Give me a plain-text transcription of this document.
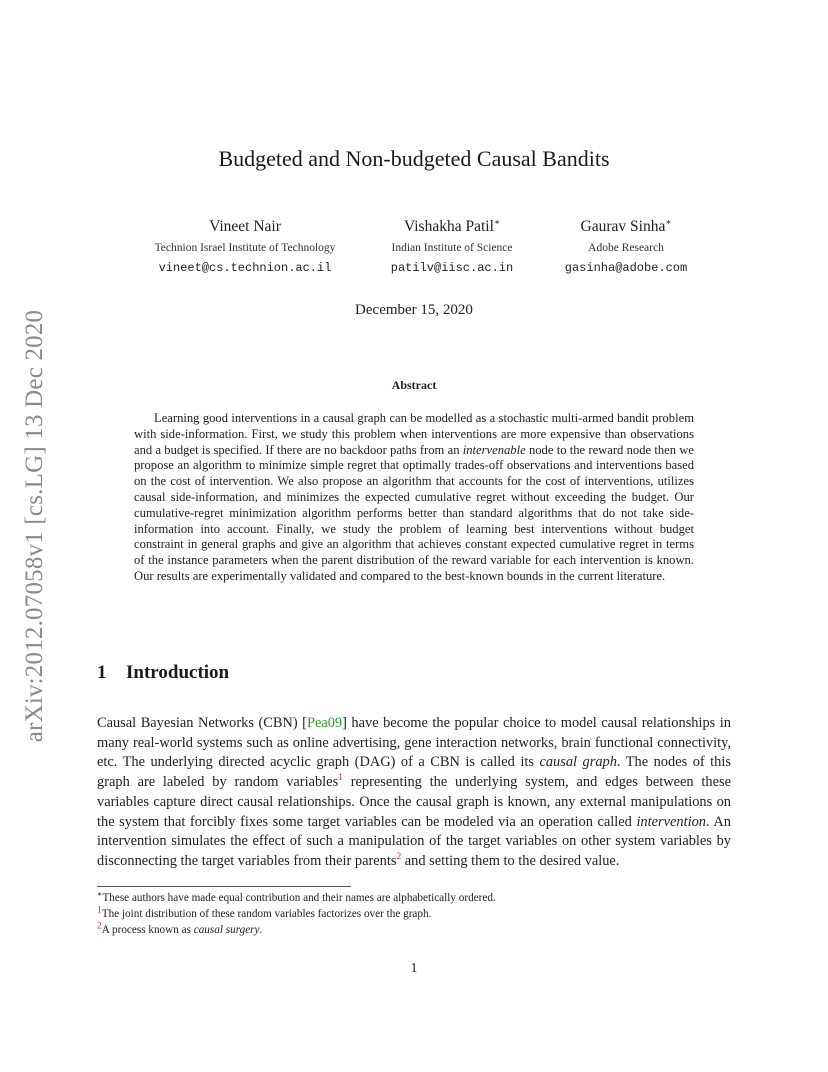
arXiv:2012.07058v1 [cs.LG] 13 Dec 2020
Budgeted and Non-budgeted Causal Bandits
Vineet Nair
Technion Israel Institute of Technology
vineet@cs.technion.ac.il
Vishakha Patil∗
Indian Institute of Science
patilv@iisc.ac.in
Gaurav Sinha∗
Adobe Research
gasinha@adobe.com
December 15, 2020
Abstract
Learning good interventions in a causal graph can be modelled as a stochastic multi-armed bandit problem with side-information. First, we study this problem when interventions are more expensive than observations and a budget is specified. If there are no backdoor paths from an intervenable node to the reward node then we propose an algorithm to minimize simple regret that optimally trades-off observations and interventions based on the cost of intervention. We also propose an algorithm that accounts for the cost of interventions, utilizes causal side-information, and minimizes the expected cumulative regret without exceeding the budget. Our cumulative-regret minimization algorithm performs better than standard algorithms that do not take side-information into account. Finally, we study the problem of learning best interventions without budget constraint in general graphs and give an algorithm that achieves constant expected cumulative regret in terms of the instance parameters when the parent distribution of the reward variable for each intervention is known. Our results are experimentally validated and compared to the best-known bounds in the current literature.
1 Introduction
Causal Bayesian Networks (CBN) [Pea09] have become the popular choice to model causal relationships in many real-world systems such as online advertising, gene interaction networks, brain functional connectivity, etc. The underlying directed acyclic graph (DAG) of a CBN is called its causal graph. The nodes of this graph are labeled by random variables$^1$ representing the underlying system, and edges between these variables capture direct causal relationships. Once the causal graph is known, any external manipulations on the system that forcibly fixes some target variables can be modeled via an operation called intervention. An intervention simulates the effect of such a manipulation of the target variables on other system variables by disconnecting the target variables from their parents$^2$ and setting them to the desired value.
∗These authors have made equal contribution and their names are alphabetically ordered.
$^1$The joint distribution of these random variables factorizes over the graph.
$^2$A process known as causal surgery.
1
